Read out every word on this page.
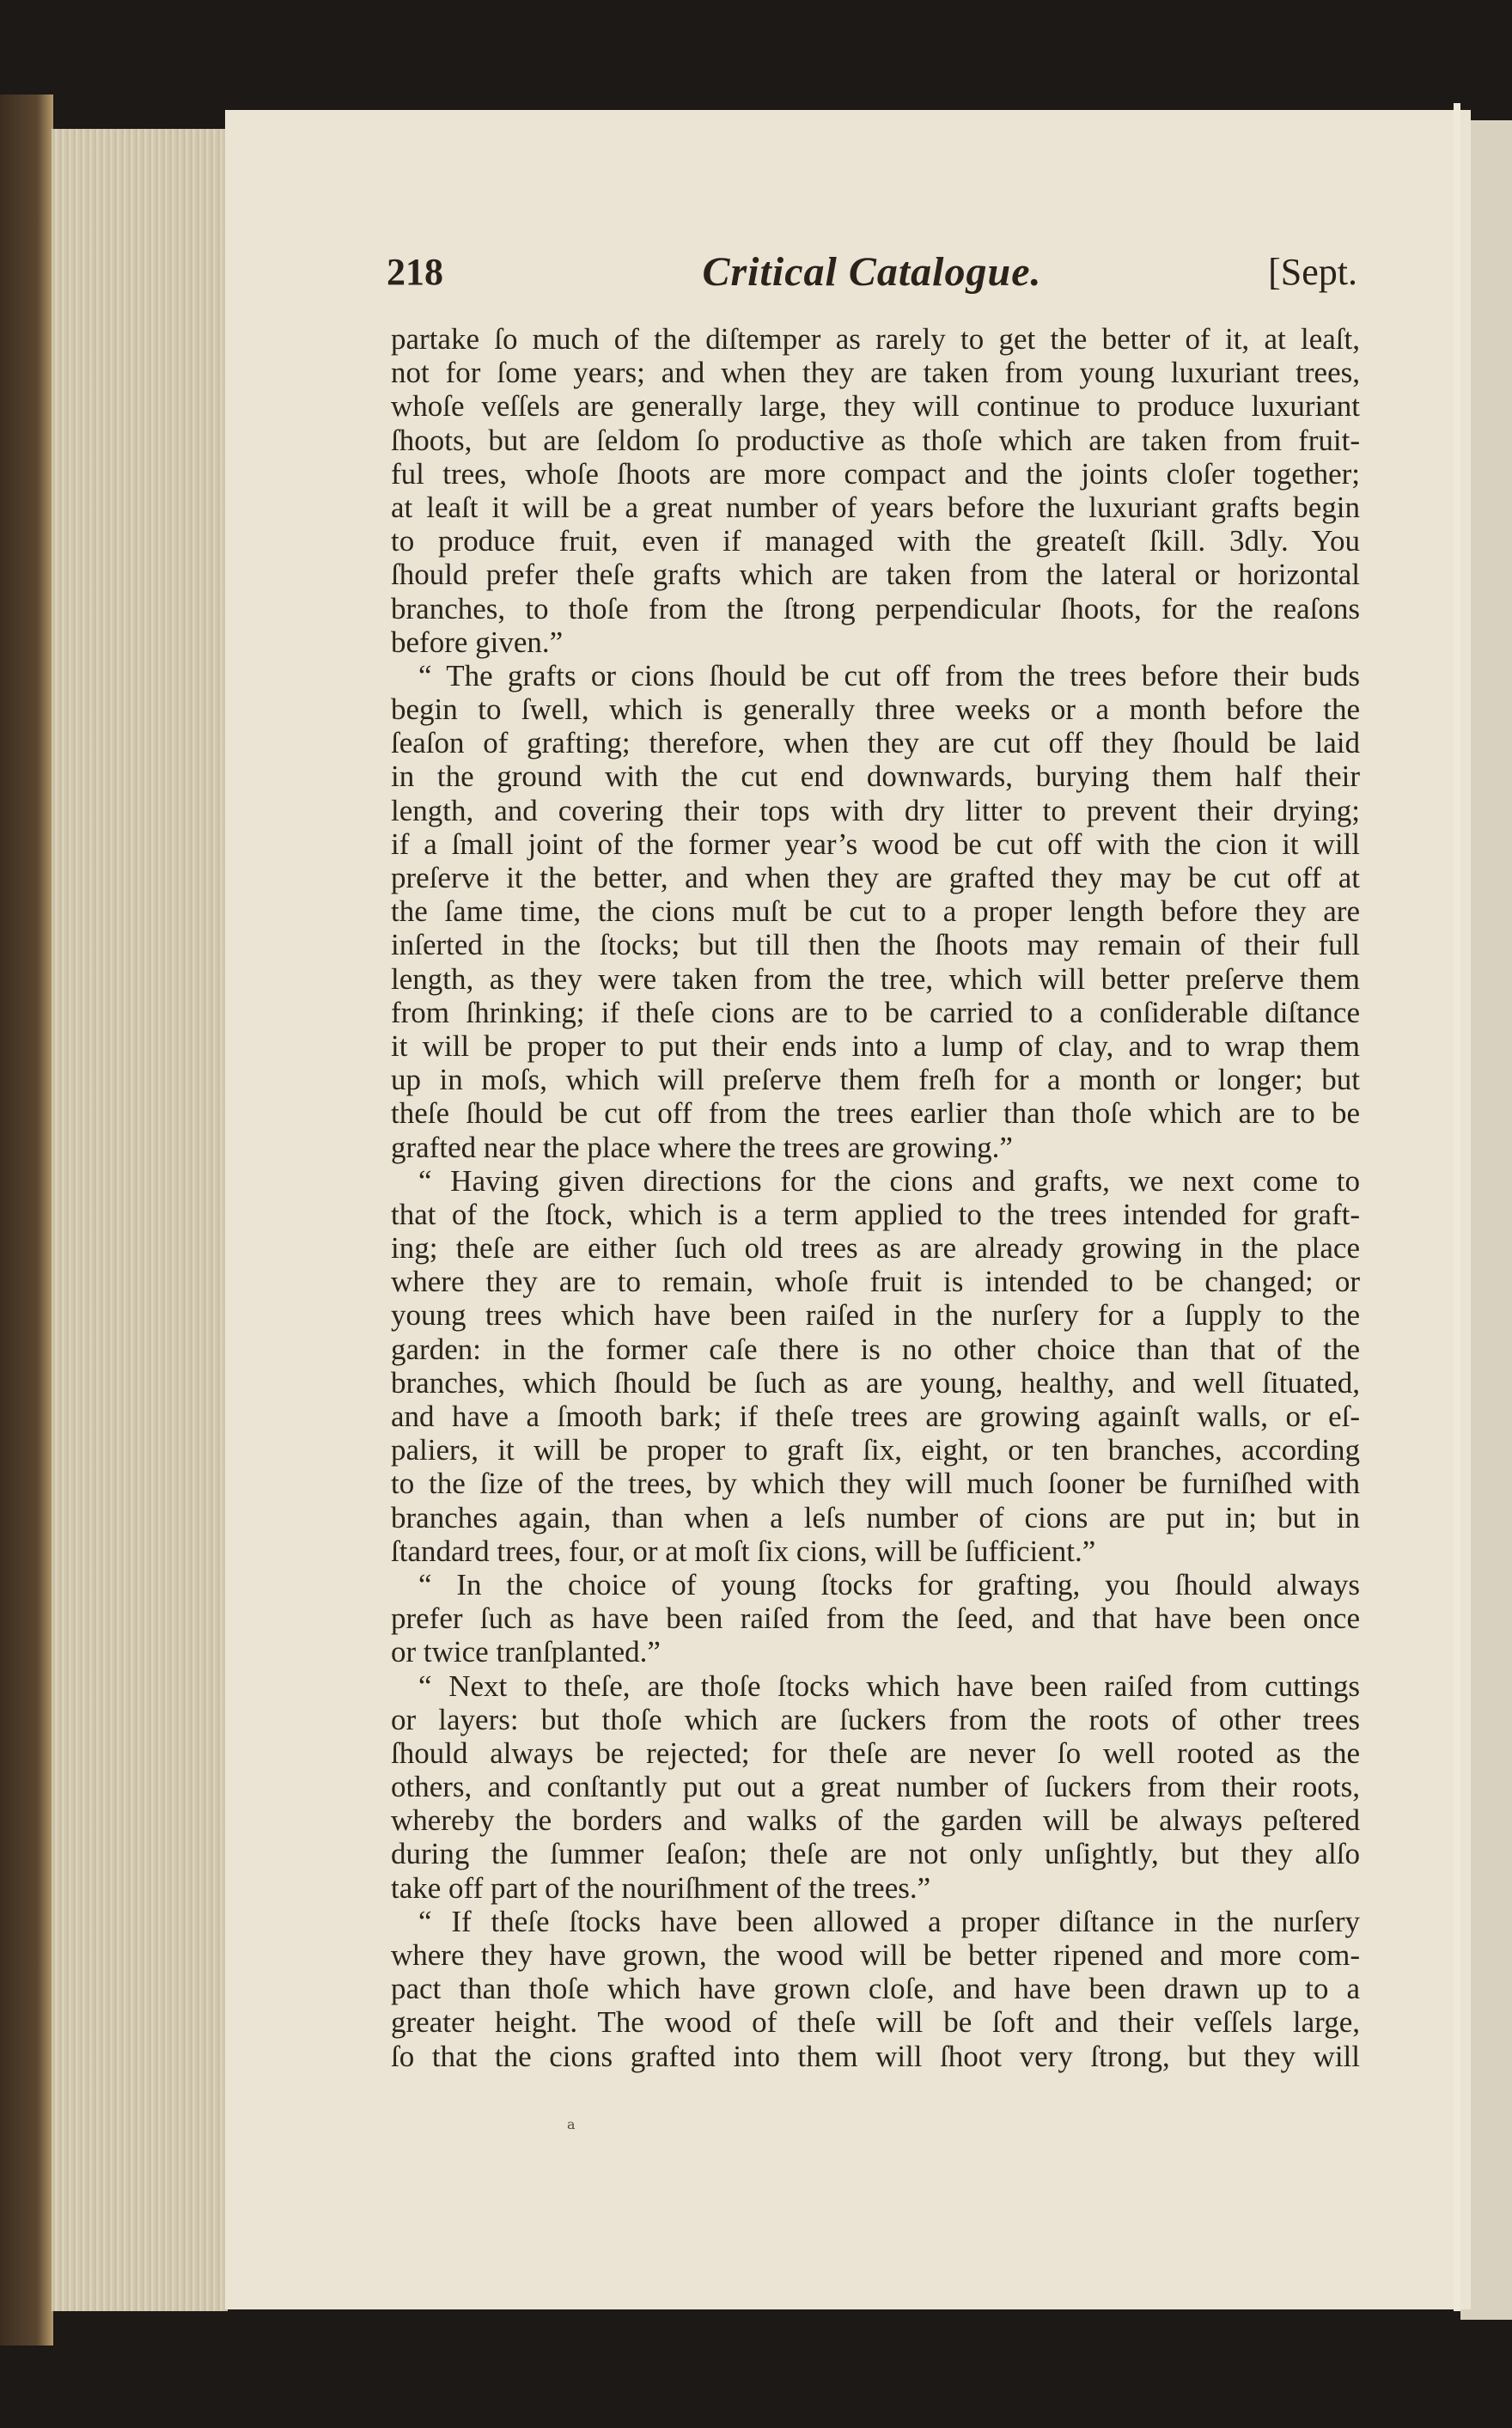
218	Critical Catalogue.	[Sept.
partake ſo much of the diſtemper as rarely to get the better of it, at leaſt,
not for ſome years; and when they are taken from young luxuriant trees,
whoſe veſſels are generally large, they will continue to produce luxuriant
ſhoots, but are ſeldom ſo productive as thoſe which are taken from fruit-
ful trees, whoſe ſhoots are more compact and the joints cloſer together;
at leaſt it will be a great number of years before the luxuriant grafts begin
to produce fruit, even if managed with the greateſt ſkill. 3dly. You
ſhould prefer theſe grafts which are taken from the lateral or horizontal
branches, to thoſe from the ſtrong perpendicular ſhoots, for the reaſons
before given.”
“ The grafts or cions ſhould be cut off from the trees before their buds
begin to ſwell, which is generally three weeks or a month before the
ſeaſon of grafting; therefore, when they are cut off they ſhould be laid
in the ground with the cut end downwards, burying them half their
length, and covering their tops with dry litter to prevent their drying;
if a ſmall joint of the former year’s wood be cut off with the cion it will
preſerve it the better, and when they are grafted they may be cut off at
the ſame time, the cions muſt be cut to a proper length before they are
inſerted in the ſtocks; but till then the ſhoots may remain of their full
length, as they were taken from the tree, which will better preſerve them
from ſhrinking; if theſe cions are to be carried to a conſiderable diſtance
it will be proper to put their ends into a lump of clay, and to wrap them
up in moſs, which will preſerve them freſh for a month or longer; but
theſe ſhould be cut off from the trees earlier than thoſe which are to be
grafted near the place where the trees are growing.”
“ Having given directions for the cions and grafts, we next come to
that of the ſtock, which is a term applied to the trees intended for graft-
ing; theſe are either ſuch old trees as are already growing in the place
where they are to remain, whoſe fruit is intended to be changed; or
young trees which have been raiſed in the nurſery for a ſupply to the
garden: in the former caſe there is no other choice than that of the
branches, which ſhould be ſuch as are young, healthy, and well ſituated,
and have a ſmooth bark; if theſe trees are growing againſt walls, or eſ-
paliers, it will be proper to graft ſix, eight, or ten branches, according
to the ſize of the trees, by which they will much ſooner be furniſhed with
branches again, than when a leſs number of cions are put in; but in
ſtandard trees, four, or at moſt ſix cions, will be ſufficient.”
“ In the choice of young ſtocks for grafting, you ſhould always
prefer ſuch as have been raiſed from the ſeed, and that have been once
or twice tranſplanted.”
“ Next to theſe, are thoſe ſtocks which have been raiſed from cuttings
or layers: but thoſe which are ſuckers from the roots of other trees
ſhould always be rejected; for theſe are never ſo well rooted as the
others, and conſtantly put out a great number of ſuckers from their roots,
whereby the borders and walks of the garden will be always peſtered
during the ſummer ſeaſon; theſe are not only unſightly, but they alſo
take off part of the nouriſhment of the trees.”
“ If theſe ſtocks have been allowed a proper diſtance in the nurſery
where they have grown, the wood will be better ripened and more com-
pact than thoſe which have grown cloſe, and have been drawn up to a
greater height. The wood of theſe will be ſoft and their veſſels large,
ſo that the cions grafted into them will ſhoot very ſtrong, but they will
a
